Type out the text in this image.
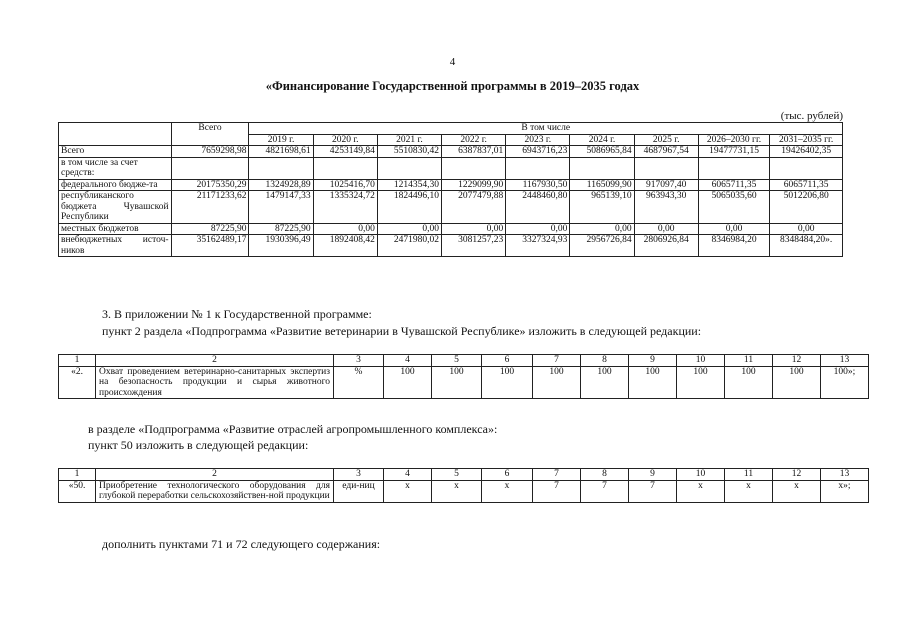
4
«Финансирование Государственной программы в 2019–2035 годах
(тыс. рублей)
	Всего	В том числе								
		2019 г.	2020 г.	2021 г.	2022 г.	2023 г.	2024 г.	2025 г.	2026–2030 гг.	2031–2035 гг.
Всего	7659298,98	4821698,61	4253149,84	5510830,42	6387837,01	6943716,23	5086965,84	4687967,54	19477731,15	19426402,35
в том числе за счет средств:										
федерального бюдже-та	20175350,29	1324928,89	1025416,70	1214354,30	1229099,90	1167930,50	1165099,90	917097,40	6065711,35	6065711,35
республиканского бюджета Чувашской Республики	21171233,62	1479147,33	1335324,72	1824496,10	2077479,88	2448460,80	965139,10	963943,30	5065035,60	5012206,80
местных бюджетов	87225,90	87225,90	0,00	0,00	0,00	0,00	0,00	0,00	0,00	0,00
внебюджетных источ-ников	35162489,17	1930396,49	1892408,42	2471980,02	3081257,23	3327324,93	2956726,84	2806926,84	8346984,20	8348484,20».
3. В приложении № 1 к Государственной программе:
пункт 2 раздела «Подпрограмма «Развитие ветеринарии в Чувашской Республике» изложить в следующей редакции:
1	2	3	4	5	6	7	8	9	10	11	12	13
«2.	Охват проведением ветеринарно-санитарных экспертиз на безопасность продукции и сырья животного происхождения	%	100	100	100	100	100	100	100	100	100	100»;
в разделе «Подпрограмма «Развитие отраслей агропромышленного комплекса»:
пункт 50 изложить в следующей редакции:
1	2	3	4	5	6	7	8	9	10	11	12	13
«50.	Приобретение технологического оборудования для глубокой переработки сельскохозяйствен-ной продукции	еди-ниц	х	х	х	7	7	7	х	х	х	х»;
дополнить пунктами 71 и 72 следующего содержания:
